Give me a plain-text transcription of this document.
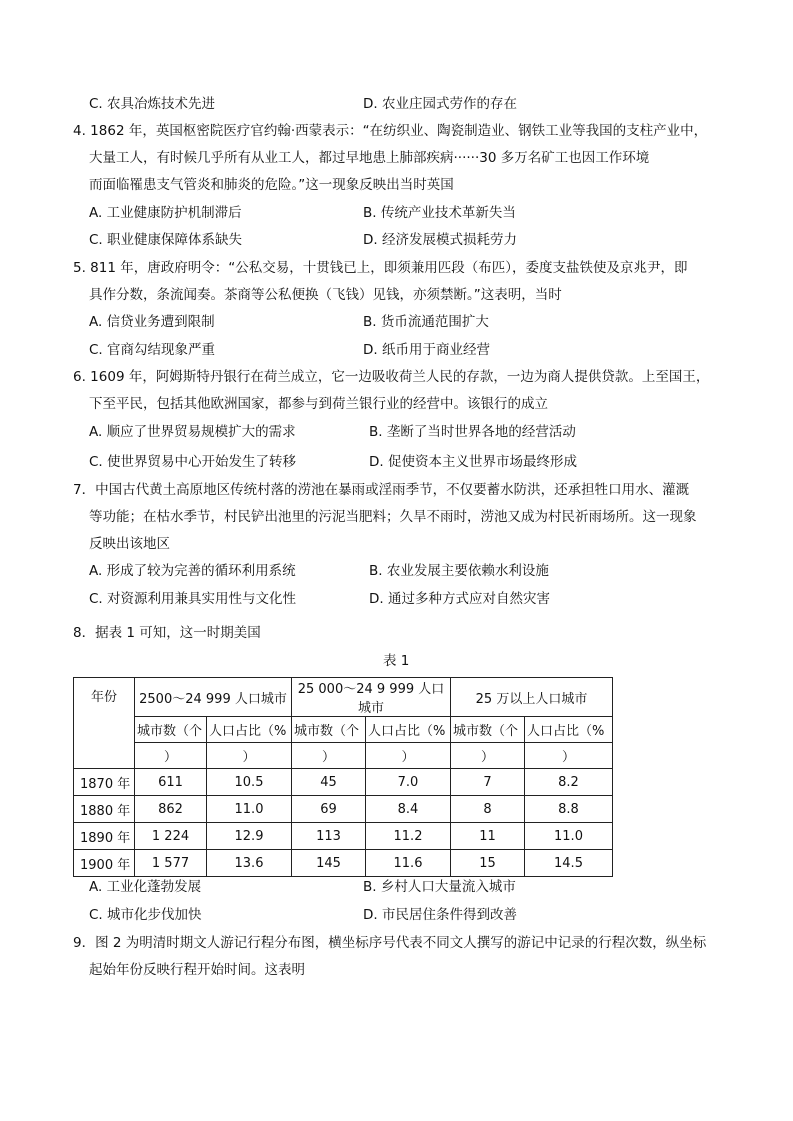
C. 农具冶炼技术先进	D. 农业庄园式劳作的存在
4. 1862 年，英国枢密院医疗官约翰·西蒙表示：“在纺织业、陶瓷制造业、钢铁工业等我国的支柱产业中，
大量工人，有时候几乎所有从业工人，都过早地患上肺部疾病······30 多万名矿工也因工作环境
而面临罹患支气管炎和肺炎的危险。”这一现象反映出当时英国
A. 工业健康防护机制滞后	B. 传统产业技术革新失当
C. 职业健康保障体系缺失	D. 经济发展模式损耗劳力
5. 811 年，唐政府明令：“公私交易，十贯钱已上，即须兼用匹段（布匹），委度支盐铁使及京兆尹，即
具作分数，条流闻奏。茶商等公私便换（飞钱）见钱，亦须禁断。”这表明，当时
A. 信贷业务遭到限制	B. 货币流通范围扩大
C. 官商勾结现象严重	D. 纸币用于商业经营
6. 1609 年，阿姆斯特丹银行在荷兰成立，它一边吸收荷兰人民的存款，一边为商人提供贷款。上至国王，
下至平民，包括其他欧洲国家，都参与到荷兰银行业的经营中。该银行的成立
A. 顺应了世界贸易规模扩大的需求	B. 垄断了当时世界各地的经营活动
C. 使世界贸易中心开始发生了转移	D. 促使资本主义世界市场最终形成
7．中国古代黄土高原地区传统村落的涝池在暴雨或淫雨季节，不仅要蓄水防洪，还承担牲口用水、灌溉
等功能；在枯水季节，村民铲出池里的污泥当肥料；久旱不雨时，涝池又成为村民祈雨场所。这一现象
反映出该地区
A. 形成了较为完善的循环利用系统	B. 农业发展主要依赖水利设施
C. 对资源利用兼具实用性与文化性	D. 通过多种方式应对自然灾害
8．据表 1 可知，这一时期美国
表 1
年份	2500～24 999 人口城市		25 000～24 9 999 人口城市		25 万以上人口城市	
	城市数（个	人口占比（%	城市数（个	人口占比（%	城市数（个	人口占比（%
	）	）	）	）	）	）
1870 年	611	10.5	45	7.0	7	8.2
1880 年	862	11.0	69	8.4	8	8.8
1890 年	1 224	12.9	113	11.2	11	11.0
1900 年	1 577	13.6	145	11.6	15	14.5
A. 工业化蓬勃发展	B. 乡村人口大量流入城市
C. 城市化步伐加快	D. 市民居住条件得到改善
9．图 2 为明清时期文人游记行程分布图，横坐标序号代表不同文人撰写的游记中记录的行程次数，纵坐标
起始年份反映行程开始时间。这表明
